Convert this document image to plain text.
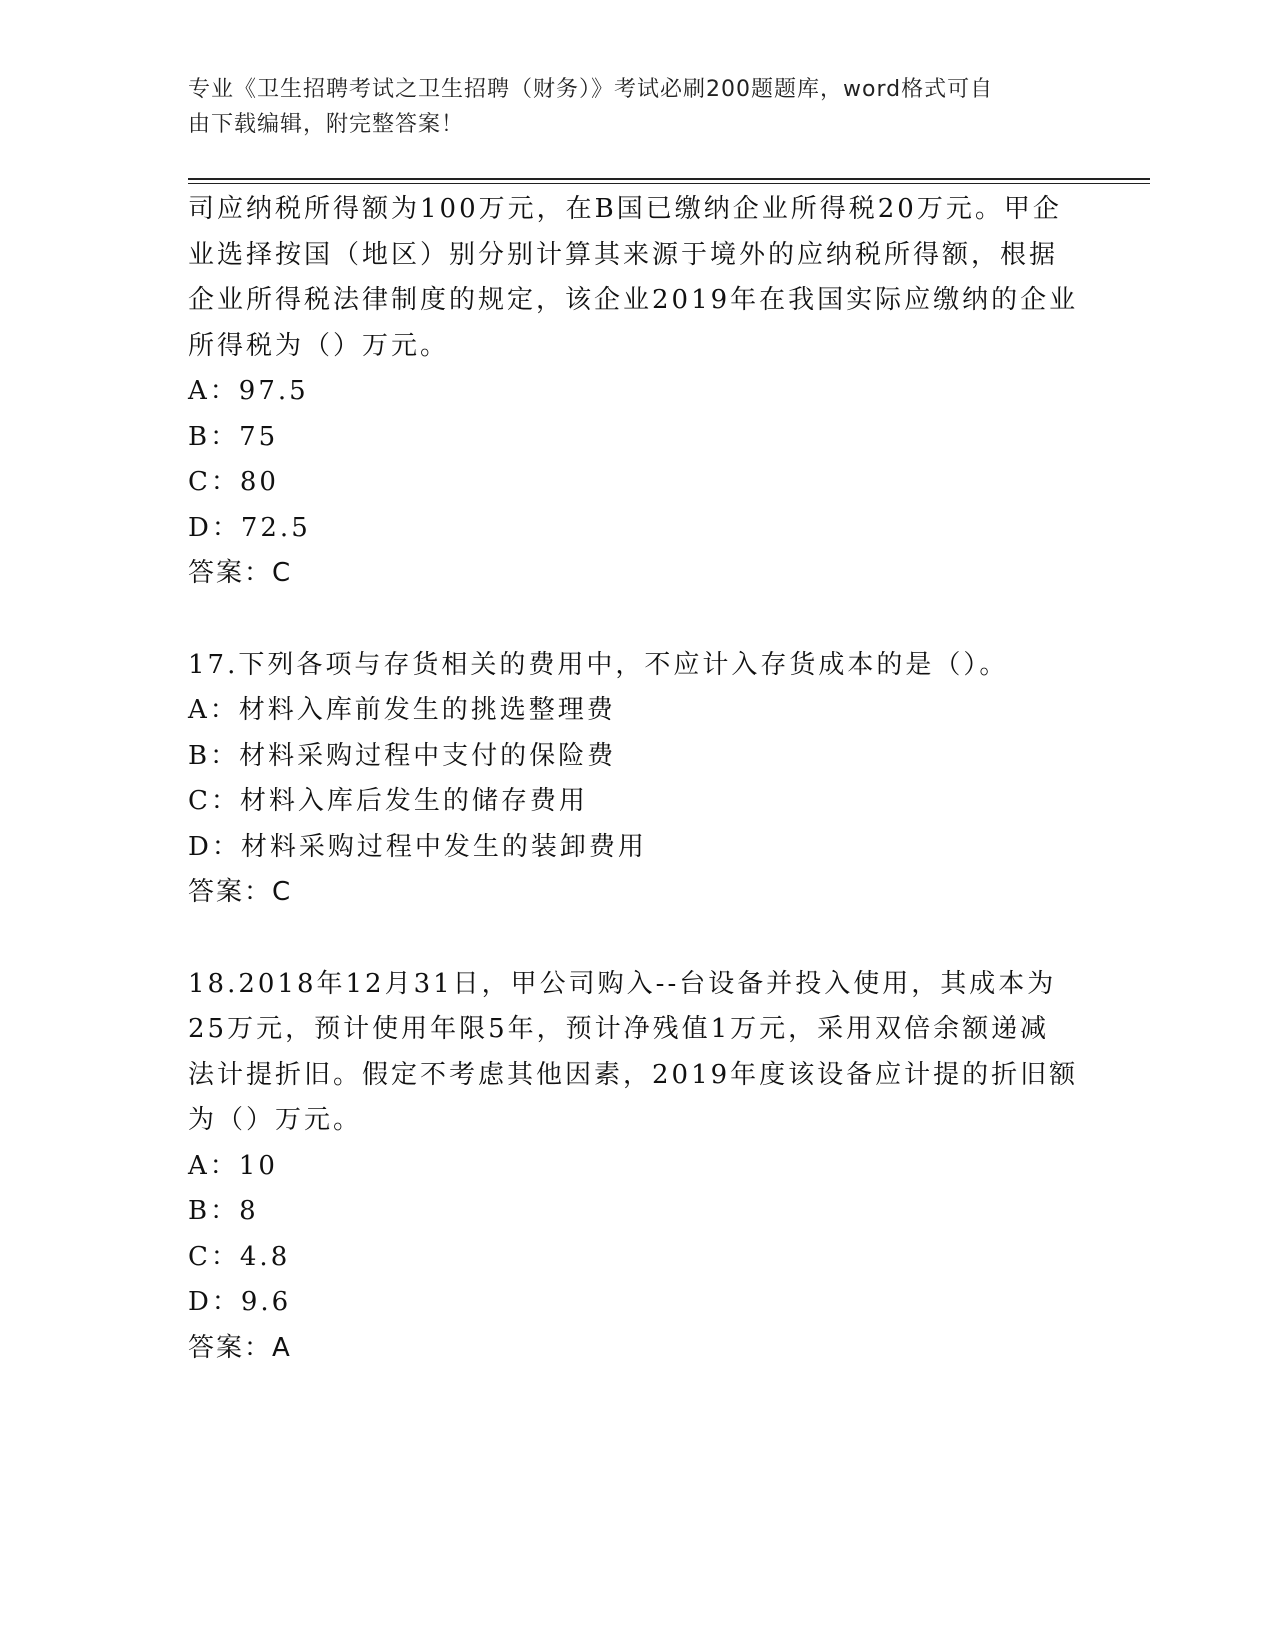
专业《卫生招聘考试之卫生招聘（财务）》考试必刷200题题库，word格式可自
由下载编辑，附完整答案！
司应纳税所得额为100万元，在B国已缴纳企业所得税20万元。甲企
业选择按国（地区）别分别计算其来源于境外的应纳税所得额，根据
企业所得税法律制度的规定，该企业2019年在我国实际应缴纳的企业
所得税为（）万元。
A：97.5
B：75
C：80
D：72.5
答案：C
17.下列各项与存货相关的费用中，不应计入存货成本的是（）。
A：材料入库前发生的挑选整理费
B：材料采购过程中支付的保险费
C：材料入库后发生的储存费用
D：材料采购过程中发生的装卸费用
答案：C
18.2018年12月31日，甲公司购入--台设备并投入使用，其成本为
25万元，预计使用年限5年，预计净残值1万元，采用双倍余额递减
法计提折旧。假定不考虑其他因素，2019年度该设备应计提的折旧额
为（）万元。
A：10
B：8
C：4.8
D：9.6
答案：A
